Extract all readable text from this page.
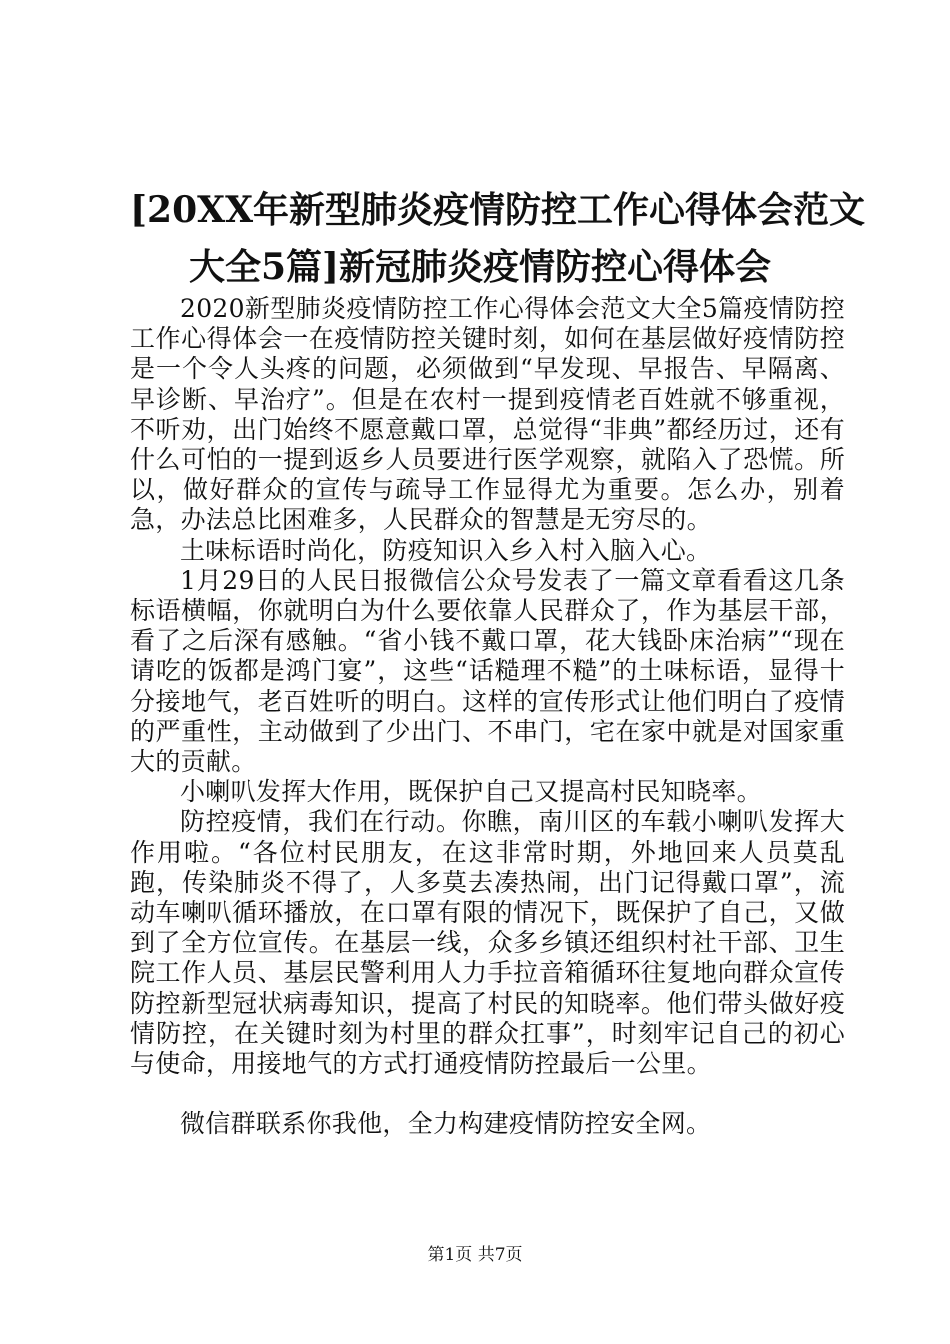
[20XX年新型肺炎疫情防控工作心得体会范文
大全5篇]新冠肺炎疫情防控心得体会

2020新型肺炎疫情防控工作心得体会范文大全5篇疫情防控工作心得体会一在疫情防控关键时刻，如何在基层做好疫情防控是一个令人头疼的问题，必须做到“早发现、早报告、早隔离、早诊断、早治疗”。但是在农村一提到疫情老百姓就不够重视，不听劝，出门始终不愿意戴口罩，总觉得“非典”都经历过，还有什么可怕的一提到返乡人员要进行医学观察，就陷入了恐慌。所以，做好群众的宣传与疏导工作显得尤为重要。怎么办，别着急，办法总比困难多，人民群众的智慧是无穷尽的。

土味标语时尚化，防疫知识入乡入村入脑入心。

1月29日的人民日报微信公众号发表了一篇文章看看这几条标语横幅，你就明白为什么要依靠人民群众了，作为基层干部，看了之后深有感触。“省小钱不戴口罩，花大钱卧床治病”“现在请吃的饭都是鸿门宴”，这些“话糙理不糙”的土味标语，显得十分接地气，老百姓听的明白。这样的宣传形式让他们明白了疫情的严重性，主动做到了少出门、不串门，宅在家中就是对国家重大的贡献。

小喇叭发挥大作用，既保护自己又提高村民知晓率。

防控疫情，我们在行动。你瞧，南川区的车载小喇叭发挥大作用啦。“各位村民朋友，在这非常时期，外地回来人员莫乱跑，传染肺炎不得了，人多莫去凑热闹，出门记得戴口罩”，流动车喇叭循环播放，在口罩有限的情况下，既保护了自己，又做到了全方位宣传。在基层一线，众多乡镇还组织村社干部、卫生院工作人员、基层民警利用人力手拉音箱循环往复地向群众宣传防控新型冠状病毒知识，提高了村民的知晓率。他们带头做好疫情防控，在关键时刻为村里的群众扛事”，时刻牢记自己的初心与使命，用接地气的方式打通疫情防控最后一公里。

微信群联系你我他，全力构建疫情防控安全网。

第1页 共7页
